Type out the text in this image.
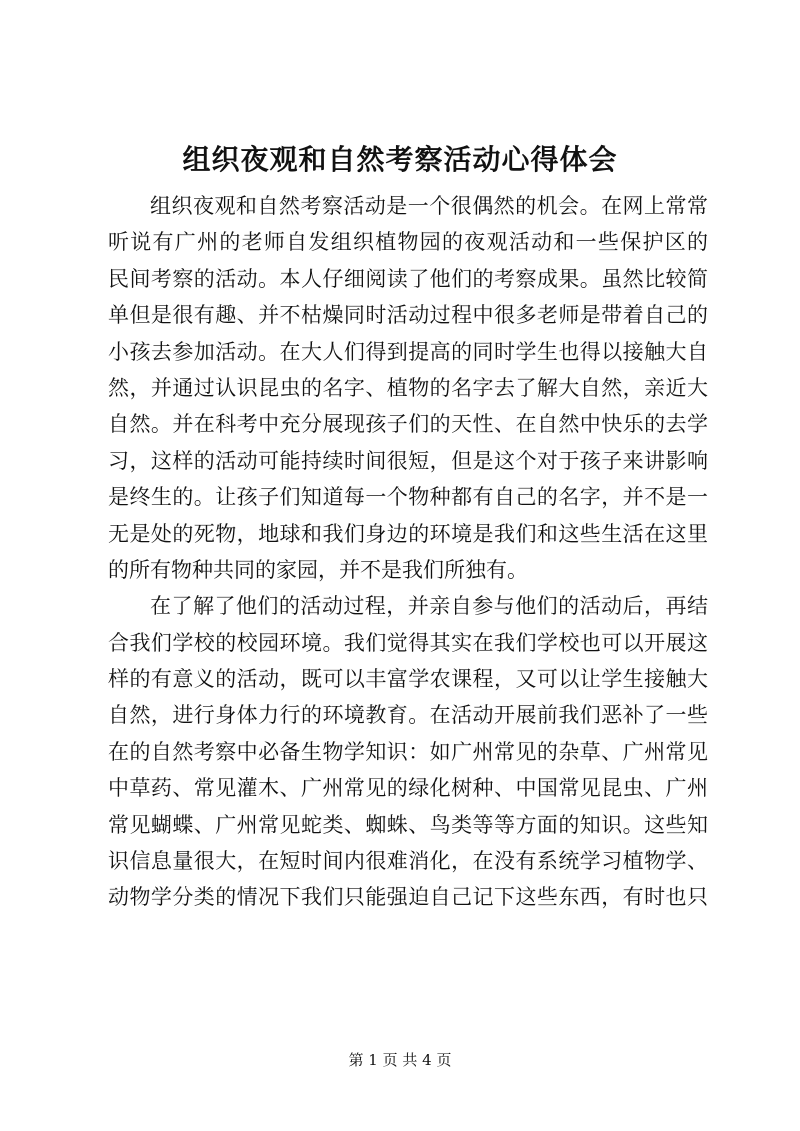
组织夜观和自然考察活动心得体会
组织夜观和自然考察活动是一个很偶然的机会。在网上常常
听说有广州的老师自发组织植物园的夜观活动和一些保护区的
民间考察的活动。本人仔细阅读了他们的考察成果。虽然比较简
单但是很有趣、并不枯燥同时活动过程中很多老师是带着自己的
小孩去参加活动。在大人们得到提高的同时学生也得以接触大自
然，并通过认识昆虫的名字、植物的名字去了解大自然，亲近大
自然。并在科考中充分展现孩子们的天性、在自然中快乐的去学
习，这样的活动可能持续时间很短，但是这个对于孩子来讲影响
是终生的。让孩子们知道每一个物种都有自己的名字，并不是一
无是处的死物，地球和我们身边的环境是我们和这些生活在这里
的所有物种共同的家园，并不是我们所独有。
在了解了他们的活动过程，并亲自参与他们的活动后，再结
合我们学校的校园环境。我们觉得其实在我们学校也可以开展这
样的有意义的活动，既可以丰富学农课程，又可以让学生接触大
自然，进行身体力行的环境教育。在活动开展前我们恶补了一些
在的自然考察中必备生物学知识：如广州常见的杂草、广州常见
中草药、常见灌木、广州常见的绿化树种、中国常见昆虫、广州
常见蝴蝶、广州常见蛇类、蜘蛛、鸟类等等方面的知识。这些知
识信息量很大，在短时间内很难消化，在没有系统学习植物学、
动物学分类的情况下我们只能强迫自己记下这些东西，有时也只
第 1 页 共 4 页
